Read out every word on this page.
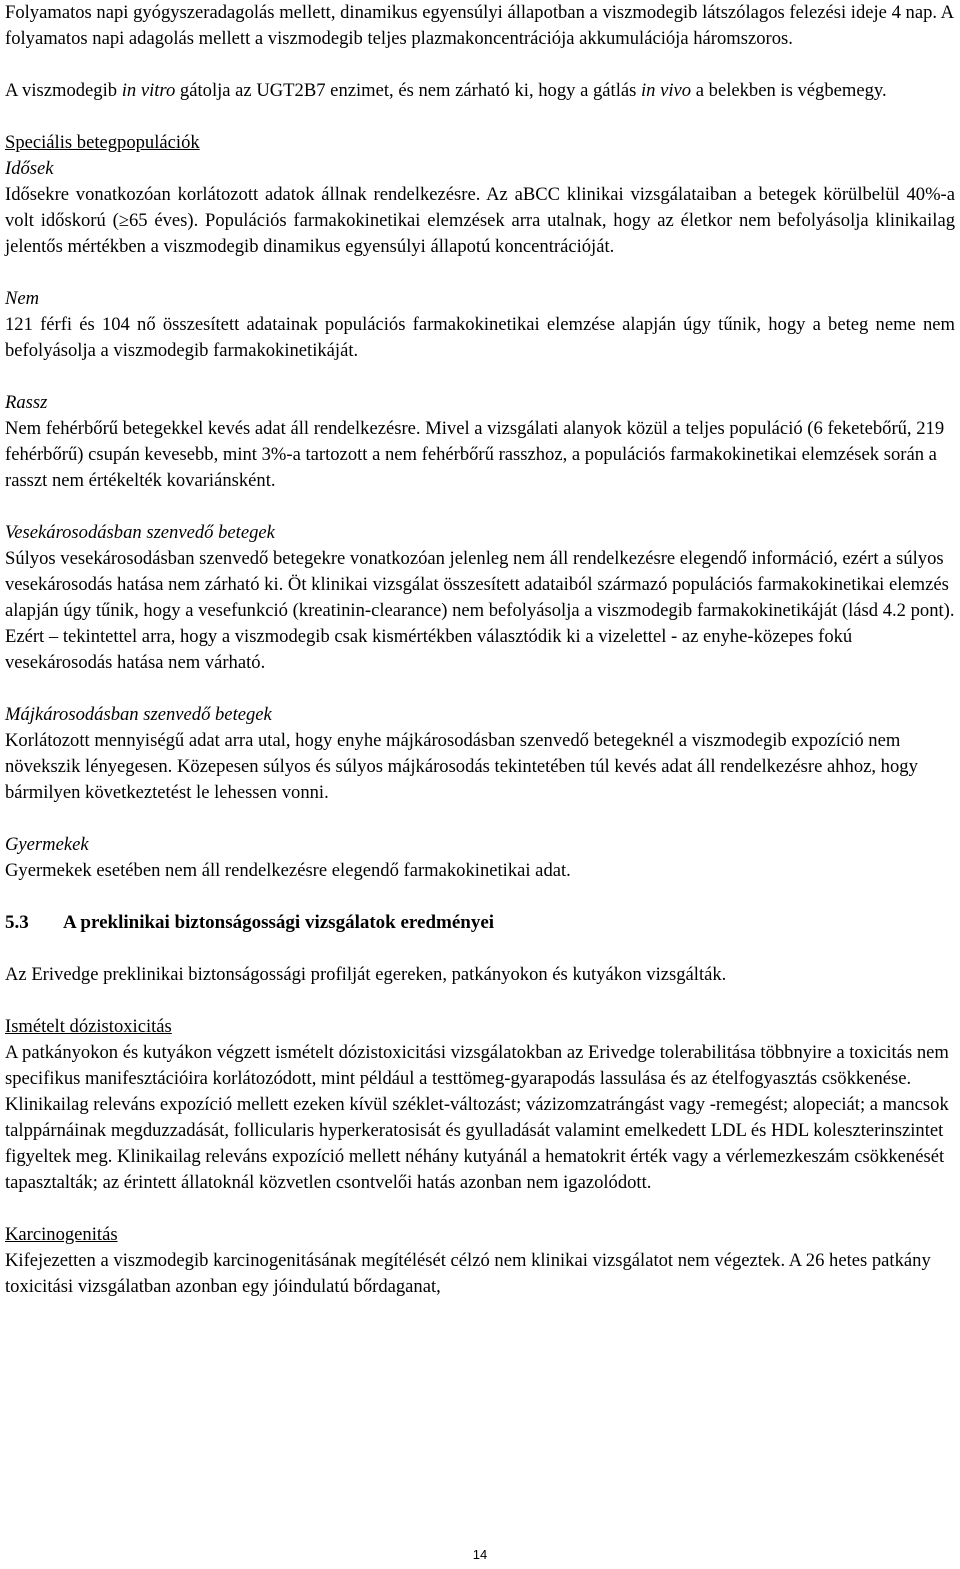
Folyamatos napi gyógyszeradagolás mellett, dinamikus egyensúlyi állapotban a viszmodegib látszólagos felezési ideje 4 nap. A folyamatos napi adagolás mellett a viszmodegib teljes plazmakoncentrációja akkumulációja háromszoros.

A viszmodegib in vitro gátolja az UGT2B7 enzimet, és nem zárható ki, hogy a gátlás in vivo a belekben is végbemegy.

Speciális betegpopulációk

Idősek

Idősekre vonatkozóan korlátozott adatok állnak rendelkezésre. Az aBCC klinikai vizsgálataiban a betegek körülbelül 40%-a volt időskorú (≥65 éves). Populációs farmakokinetikai elemzések arra utalnak, hogy az életkor nem befolyásolja klinikailag jelentős mértékben a viszmodegib dinamikus egyensúlyi állapotú koncentrációját.

Nem

121 férfi és 104 nő összesített adatainak populációs farmakokinetikai elemzése alapján úgy tűnik, hogy a beteg neme nem befolyásolja a viszmodegib farmakokinetikáját.

Rassz

Nem fehérbőrű betegekkel kevés adat áll rendelkezésre. Mivel a vizsgálati alanyok közül a teljes populáció (6 feketebőrű, 219 fehérbőrű) csupán kevesebb, mint 3%-a tartozott a nem fehérbőrű rasszhoz, a populációs farmakokinetikai elemzések során a rasszt nem értékelték kovariánsként.

Vesekárosodásban szenvedő betegek

Súlyos vesekárosodásban szenvedő betegekre vonatkozóan jelenleg nem áll rendelkezésre elegendő információ, ezért a súlyos vesekárosodás hatása nem zárható ki. Öt klinikai vizsgálat összesített adataiból származó populációs farmakokinetikai elemzés alapján úgy tűnik, hogy a vesefunkció (kreatinin-clearance) nem befolyásolja a viszmodegib farmakokinetikáját (lásd 4.2 pont). Ezért – tekintettel arra, hogy a viszmodegib csak kismértékben választódik ki a vizelettel - az enyhe-közepes fokú vesekárosodás hatása nem várható.

Májkárosodásban szenvedő betegek

Korlátozott mennyiségű adat arra utal, hogy enyhe májkárosodásban szenvedő betegeknél a viszmodegib expozíció nem növekszik lényegesen. Közepesen súlyos és súlyos májkárosodás tekintetében túl kevés adat áll rendelkezésre ahhoz, hogy bármilyen következtetést le lehessen vonni.

Gyermekek

Gyermekek esetében nem áll rendelkezésre elegendő farmakokinetikai adat.

5.3 A preklinikai biztonságossági vizsgálatok eredményei

Az Erivedge preklinikai biztonságossági profilját egereken, patkányokon és kutyákon vizsgálták.

Ismételt dózistoxicitás

A patkányokon és kutyákon végzett ismételt dózistoxicitási vizsgálatokban az Erivedge tolerabilitása többnyire a toxicitás nem specifikus manifesztációira korlátozódott, mint például a testtömeg-gyarapodás lassulása és az ételfogyasztás csökkenése. Klinikailag releváns expozíció mellett ezeken kívül széklet-változást; vázizomzatrángást vagy -remegést; alopeciát; a mancsok talppárnáinak megduzzadását, follicularis hyperkeratosisát és gyulladását valamint emelkedett LDL és HDL koleszterinszintet figyeltek meg. Klinikailag releváns expozíció mellett néhány kutyánál a hematokrit érték vagy a vérlemezkeszám csökkenését tapasztalták; az érintett állatoknál közvetlen csontvelői hatás azonban nem igazolódott.

Karcinogenitás

Kifejezetten a viszmodegib karcinogenitásának megítélését célzó nem klinikai vizsgálatot nem végeztek. A 26 hetes patkány toxicitási vizsgálatban azonban egy jóindulatú bőrdaganat,

14
